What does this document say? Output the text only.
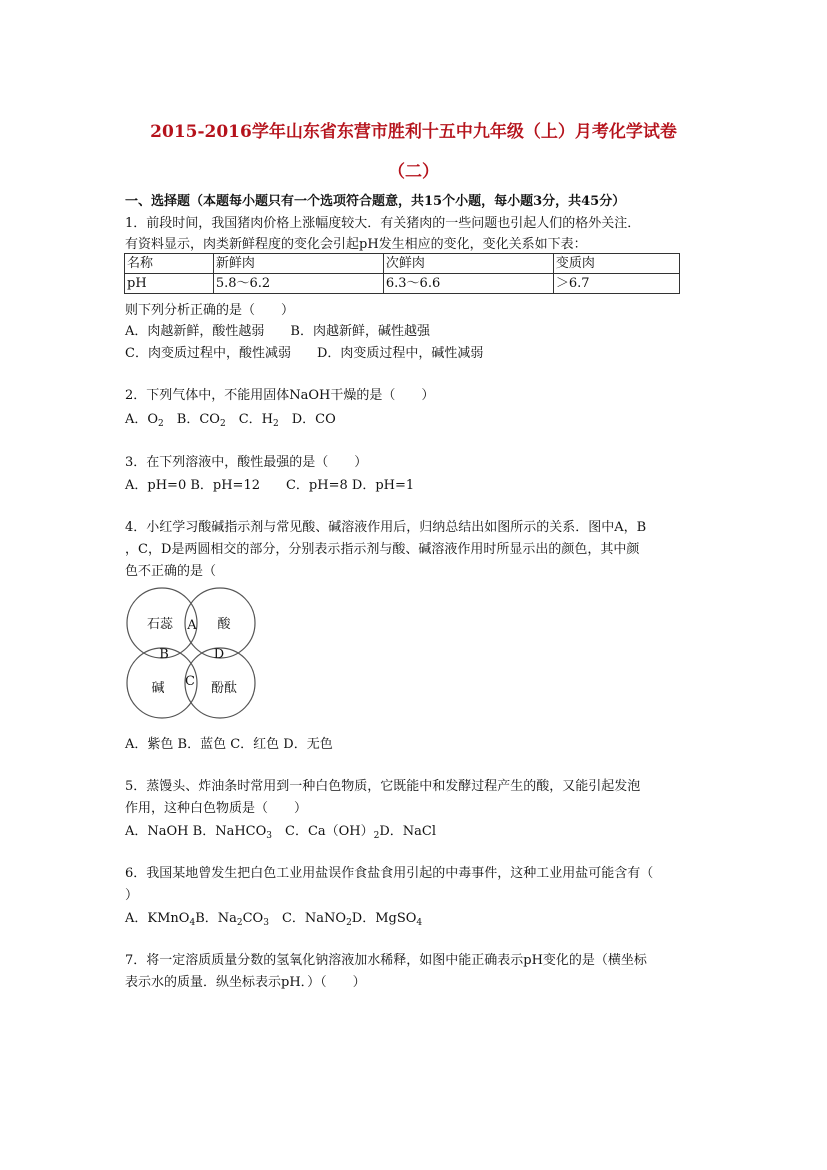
2015-2016学年山东省东营市胜利十五中九年级（上）月考化学试卷
（二）
一、选择题（本题每小题只有一个选项符合题意，共15个小题，每小题3分，共45分）
1．前段时间，我国猪肉价格上涨幅度较大．有关猪肉的一些问题也引起人们的格外关注．
有资料显示，肉类新鲜程度的变化会引起pH发生相应的变化，变化关系如下表：
名称	新鲜肉	次鲜肉	变质肉
pH	5.8～6.2	6.3～6.6	＞6.7
则下列分析正确的是（　　）
A．肉越新鲜，酸性越弱　　B．肉越新鲜，碱性越强
C．肉变质过程中，酸性减弱　　D．肉变质过程中，碱性减弱
2．下列气体中，不能用固体NaOH干燥的是（　　）
A．$O_2$　B．$CO_2$　C．$H_2$　D．CO
3．在下列溶液中，酸性最强的是（　　）
A．pH=0 B．pH=12　　C．pH=8 D．pH=1
4．小红学习酸碱指示剂与常见酸、碱溶液作用后，归纳总结出如图所示的关系．图中A，B
，C，D是两圆相交的部分，分别表示指示剂与酸、碱溶液作用时所显示出的颜色，其中颜
色不正确的是（
石蕊	酸
碱	酚酞
A
B
C
D
A．紫色 B．蓝色 C．红色 D．无色
5．蒸馒头、炸油条时常用到一种白色物质，它既能中和发酵过程产生的酸，又能引起发泡
作用，这种白色物质是（　　）
A．NaOH B．NaHCO$_3$　C．$Ca(OH)_2D$．NaCl
6．我国某地曾发生把白色工业用盐误作食盐食用引起的中毒事件，这种工业用盐可能含有（
）
A．KMnO$_4$B．$Na_2CO_3$　C．NaNO$_2$D．MgSO$_4$
7．将一定溶质质量分数的氢氧化钠溶液加水稀释，如图中能正确表示pH变化的是（横坐标
表示水的质量．纵坐标表示pH．）（　　）
